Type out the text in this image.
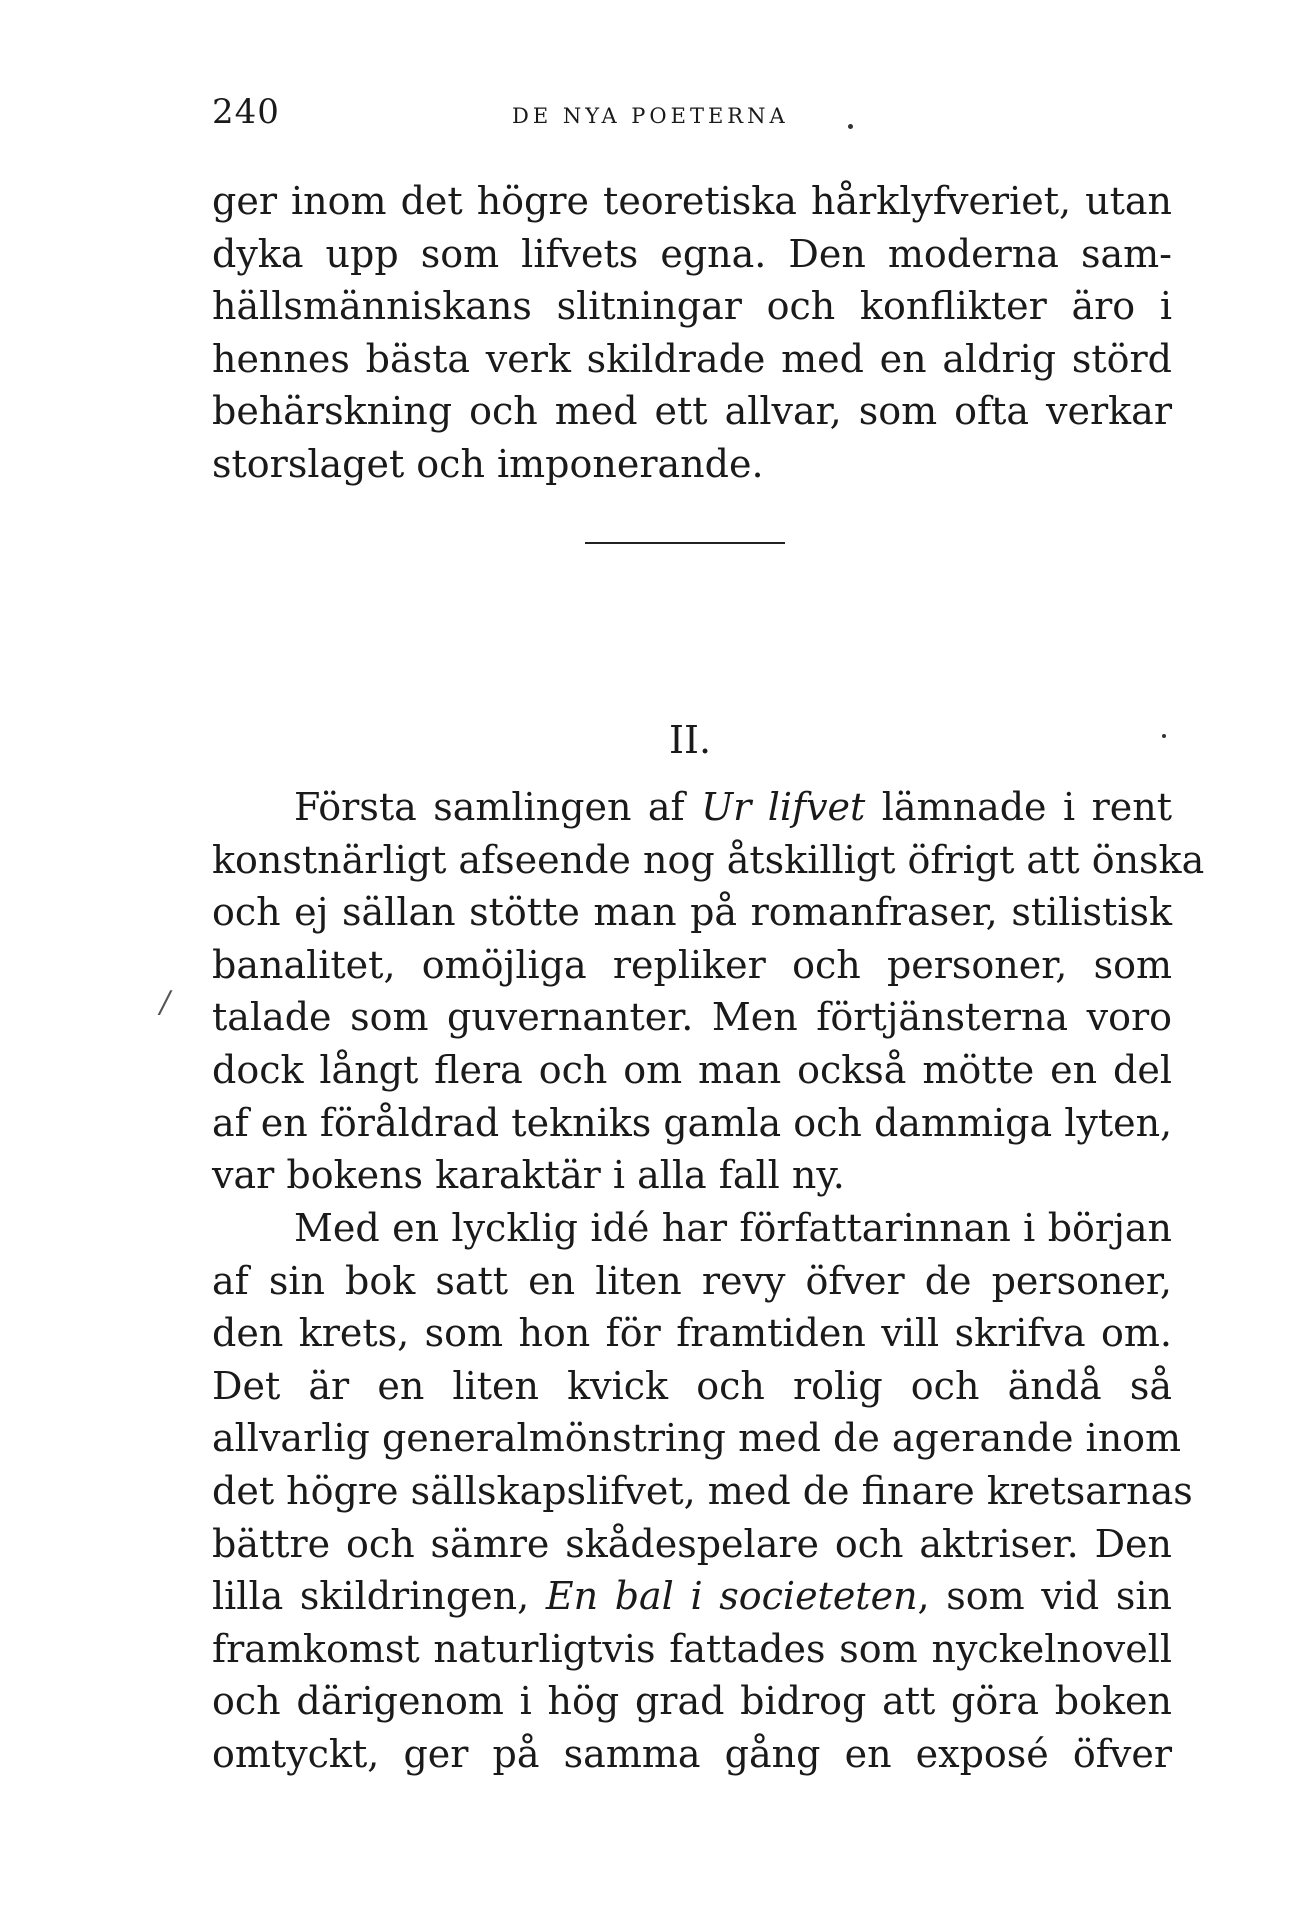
240	DE NYA POETERNA
ger inom det högre teoretiska hårklyfveriet, utan
dyka upp som lifvets egna. Den moderna sam-
hällsmänniskans slitningar och konflikter äro i
hennes bästa verk skildrade med en aldrig störd
behärskning och med ett allvar, som ofta verkar
storslaget och imponerande.
II.
Första samlingen af Ur lifvet lämnade i rent
konstnärligt afseende nog åtskilligt öfrigt att önska
och ej sällan stötte man på romanfraser, stilistisk
banalitet, omöjliga repliker och personer, som
talade som guvernanter. Men förtjänsterna voro
dock långt flera och om man också mötte en del
af en föråldrad tekniks gamla och dammiga lyten,
var bokens karaktär i alla fall ny.
Med en lycklig idé har författarinnan i början
af sin bok satt en liten revy öfver de personer,
den krets, som hon för framtiden vill skrifva om.
Det är en liten kvick och rolig och ändå så
allvarlig generalmönstring med de agerande inom
det högre sällskapslifvet, med de finare kretsarnas
bättre och sämre skådespelare och aktriser. Den
lilla skildringen, En bal i societeten, som vid sin
framkomst naturligtvis fattades som nyckelnovell
och därigenom i hög grad bidrog att göra boken
omtyckt, ger på samma gång en exposé öfver
/
